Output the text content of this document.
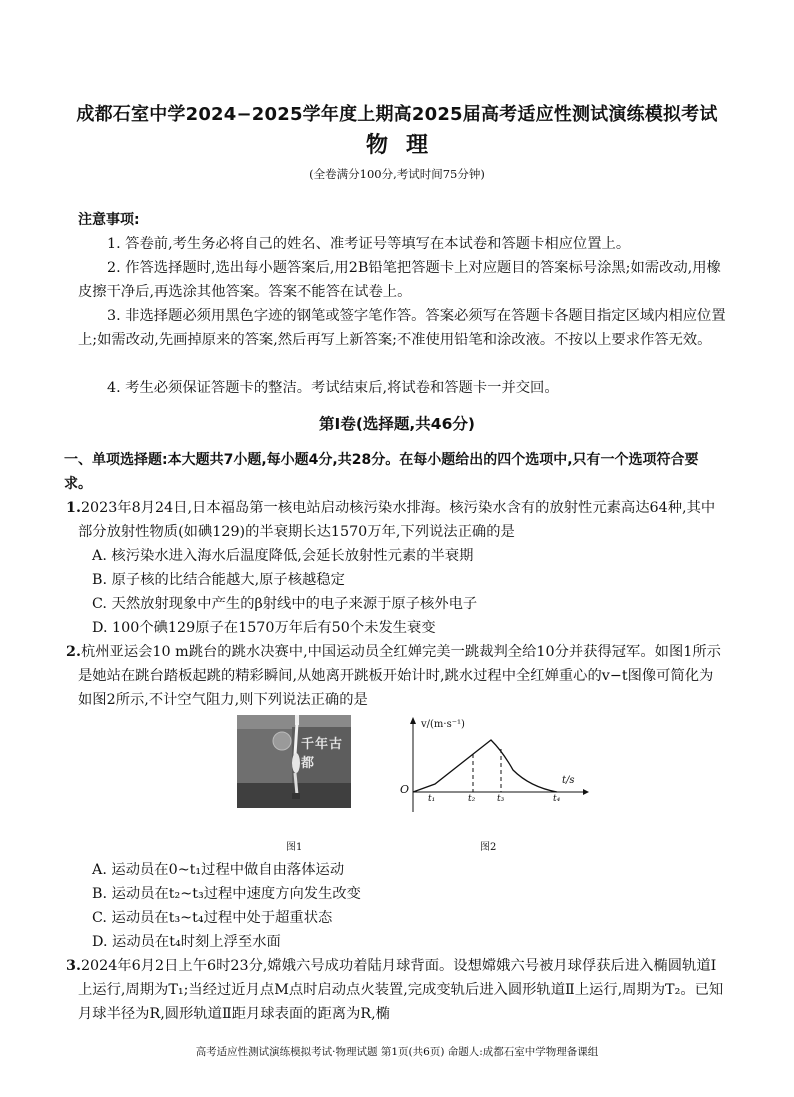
成都石室中学2024−2025学年度上期高2025届高考适应性测试演练模拟考试
物理
(全卷满分100分,考试时间75分钟)
注意事项:
1. 答卷前,考生务必将自己的姓名、准考证号等填写在本试卷和答题卡相应位置上。
2. 作答选择题时,选出每小题答案后,用2B铅笔把答题卡上对应题目的答案标号涂黑;如需改动,用橡皮擦干净后,再选涂其他答案。答案不能答在试卷上。
3. 非选择题必须用黑色字迹的钢笔或签字笔作答。答案必须写在答题卡各题目指定区域内相应位置上;如需改动,先画掉原来的答案,然后再写上新答案;不准使用铅笔和涂改液。不按以上要求作答无效。
4. 考生必须保证答题卡的整洁。考试结束后,将试卷和答题卡一并交回。
第Ⅰ卷(选择题,共46分)
一、单项选择题:本大题共7小题,每小题4分,共28分。在每小题给出的四个选项中,只有一个选项符合要求。
1.2023年8月24日,日本福岛第一核电站启动核污染水排海。核污染水含有的放射性元素高达64种,其中部分放射性物质(如碘129)的半衰期长达1570万年,下列说法正确的是
A. 核污染水进入海水后温度降低,会延长放射性元素的半衰期
B. 原子核的比结合能越大,原子核越稳定
C. 天然放射现象中产生的β射线中的电子来源于原子核外电子
D. 100个碘129原子在1570万年后有50个未发生衰变
2.杭州亚运会10 m跳台的跳水决赛中,中国运动员全红婵完美一跳裁判全给10分并获得冠军。如图1所示是她站在跳台踏板起跳的精彩瞬间,从她离开跳板开始计时,跳水过程中全红婵重心的v−t图像可简化为如图2所示,不计空气阻力,则下列说法正确的是
千年古都
图1
v/(m·s⁻¹)
t/s
O
t₁	t₂ t₃	t₄
图2
A. 运动员在0~t₁过程中做自由落体运动
B. 运动员在t₂~t₃过程中速度方向发生改变
C. 运动员在t₃~t₄过程中处于超重状态
D. 运动员在t₄时刻上浮至水面
3.2024年6月2日上午6时23分,嫦娥六号成功着陆月球背面。设想嫦娥六号被月球俘获后进入椭圆轨道Ⅰ上运行,周期为T₁;当经过近月点M点时启动点火装置,完成变轨后进入圆形轨道Ⅱ上运行,周期为T₂。已知月球半径为R,圆形轨道Ⅱ距月球表面的距离为R,椭
高考适应性测试演练模拟考试·物理试题 第1页(共6页) 命题人:成都石室中学物理备课组
